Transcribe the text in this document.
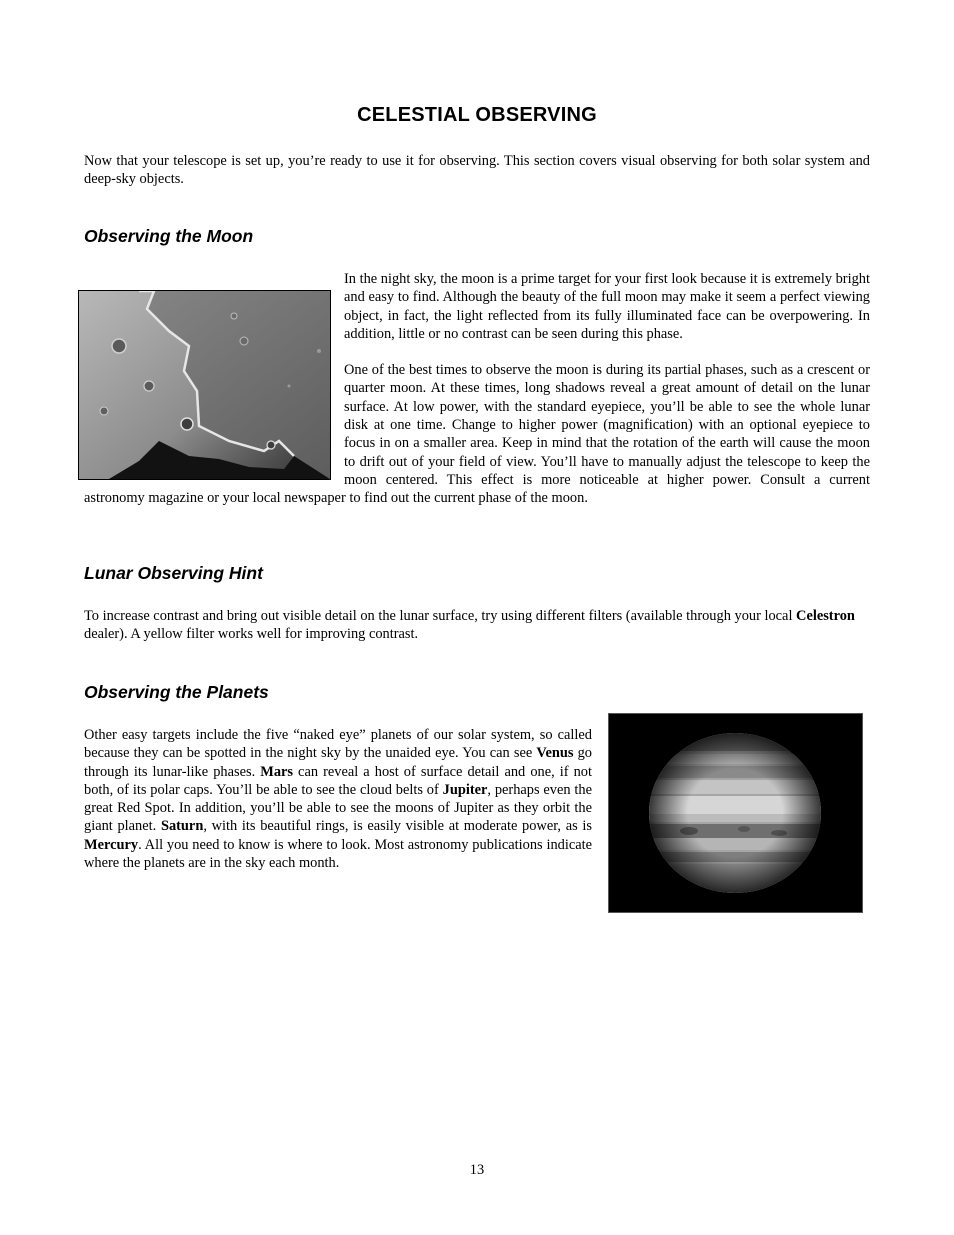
CELESTIAL OBSERVING

Now that your telescope is set up, you’re ready to use it for observing. This section covers visual observing for both solar system and deep-sky objects.

Observing the Moon

In the night sky, the moon is a prime target for your first look because it is extremely bright and easy to find. Although the beauty of the full moon may make it seem a perfect viewing object, in fact, the light reflected from its fully illuminated face can be overpowering. In addition, little or no contrast can be seen during this phase.

One of the best times to observe the moon is during its partial phases, such as a crescent or quarter moon. At these times, long shadows reveal a great amount of detail on the lunar surface. At low power, with the standard eyepiece, you’ll be able to see the whole lunar disk at one time. Change to higher power (magnification) with an optional eyepiece to focus in on a smaller area. Keep in mind that the rotation of the earth will cause the moon to drift out of your field of view. You’ll have to manually adjust the telescope to keep the moon centered. This effect is more noticeable at higher power. Consult a current astronomy magazine or your local newspaper to find out the current phase of the moon.

Lunar Observing Hint

To increase contrast and bring out visible detail on the lunar surface, try using different filters (available through your local Celestron dealer). A yellow filter works well for improving contrast.

Observing the Planets

Other easy targets include the five “naked eye” planets of our solar system, so called because they can be spotted in the night sky by the unaided eye. You can see Venus go through its lunar-like phases. Mars can reveal a host of surface detail and one, if not both, of its polar caps. You’ll be able to see the cloud belts of Jupiter, perhaps even the great Red Spot. In addition, you’ll be able to see the moons of Jupiter as they orbit the giant planet. Saturn, with its beautiful rings, is easily visible at moderate power, as is Mercury. All you need to know is where to look. Most astronomy publications indicate where the planets are in the sky each month.

13
